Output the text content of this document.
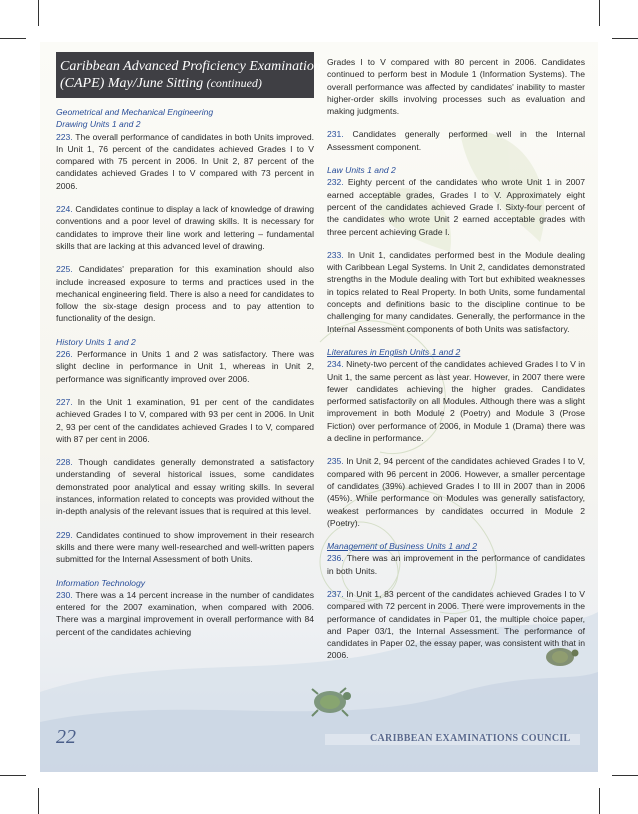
Caribbean Advanced Proficiency Examination
(CAPE) May/June Sitting (continued)

Geometrical and Mechanical Engineering

Drawing Units 1 and 2

223. The overall performance of candidates in both Units improved. In Unit 1, 76 percent of the candidates achieved Grades I to V compared with 75 percent in 2006. In Unit 2, 87 percent of the candidates achieved Grades I to V compared with 73 percent in 2006.

224. Candidates continue to display a lack of knowledge of drawing conventions and a poor level of drawing skills. It is necessary for candidates to improve their line work and lettering – fundamental skills that are lacking at this advanced level of drawing.

225. Candidates' preparation for this examination should also include increased exposure to terms and practices used in the mechanical engineering field. There is also a need for candidates to follow the six-stage design process and to pay attention to functionality of the design.

History Units 1 and 2

226. Performance in Units 1 and 2 was satisfactory. There was slight decline in performance in Unit 1, whereas in Unit 2, performance was significantly improved over 2006.

227. In the Unit 1 examination, 91 per cent of the candidates achieved Grades I to V, compared with 93 per cent in 2006. In Unit 2, 93 per cent of the candidates achieved Grades I to V, compared with 87 per cent in 2006.

228. Though candidates generally demonstrated a satisfactory understanding of several historical issues, some candidates demonstrated poor analytical and essay writing skills. In several instances, information related to concepts was provided without the in-depth analysis of the relevant issues that is required at this level.

229. Candidates continued to show improvement in their research skills and there were many well-researched and well-written papers submitted for the Internal Assessment of both Units.

Information Technology

230. There was a 14 percent increase in the number of candidates entered for the 2007 examination, when compared with 2006. There was a marginal improvement in overall performance with 84 percent of the candidates achieving

Grades I to V compared with 80 percent in 2006. Candidates continued to perform best in Module 1 (Information Systems). The overall performance was affected by candidates' inability to master higher-order skills involving processes such as evaluation and making judgments.

231. Candidates generally performed well in the Internal Assessment component.

Law Units 1 and 2

232. Eighty percent of the candidates who wrote Unit 1 in 2007 earned acceptable grades, Grades I to V. Approximately eight percent of the candidates achieved Grade I. Sixty-four percent of the candidates who wrote Unit 2 earned acceptable grades with three percent achieving Grade I.

233. In Unit 1, candidates performed best in the Module dealing with Caribbean Legal Systems. In Unit 2, candidates demonstrated strengths in the Module dealing with Tort but exhibited weaknesses in topics related to Real Property. In both Units, some fundamental concepts and definitions basic to the discipline continue to be challenging for many candidates. Generally, the performance in the Internal Assessment components of both Units was satisfactory.

Literatures in English Units 1 and 2

234. Ninety-two percent of the candidates achieved Grades I to V in Unit 1, the same percent as last year. However, in 2007 there were fewer candidates achieving the higher grades. Candidates performed satisfactorily on all Modules. Although there was a slight improvement in both Module 2 (Poetry) and Module 3 (Prose Fiction) over performance of 2006, in Module 1 (Drama) there was a decline in performance.

235. In Unit 2, 94 percent of the candidates achieved Grades I to V, compared with 96 percent in 2006. However, a smaller percentage of candidates (39%) achieved Grades I to III in 2007 than in 2006 (45%). While performance on Modules was generally satisfactory, weakest performances by candidates occurred in Module 2 (Poetry).

Management of Business Units 1 and 2

236. There was an improvement in the performance of candidates in both Units.

237. In Unit 1, 83 percent of the candidates achieved Grades I to V compared with 72 percent in 2006. There were improvements in the performance of candidates in Paper 01, the multiple choice paper, and Paper 03/1, the Internal Assessment. The performance of candidates in Paper 02, the essay paper, was consistent with that in 2006.

22	CARIBBEAN EXAMINATIONS COUNCIL
